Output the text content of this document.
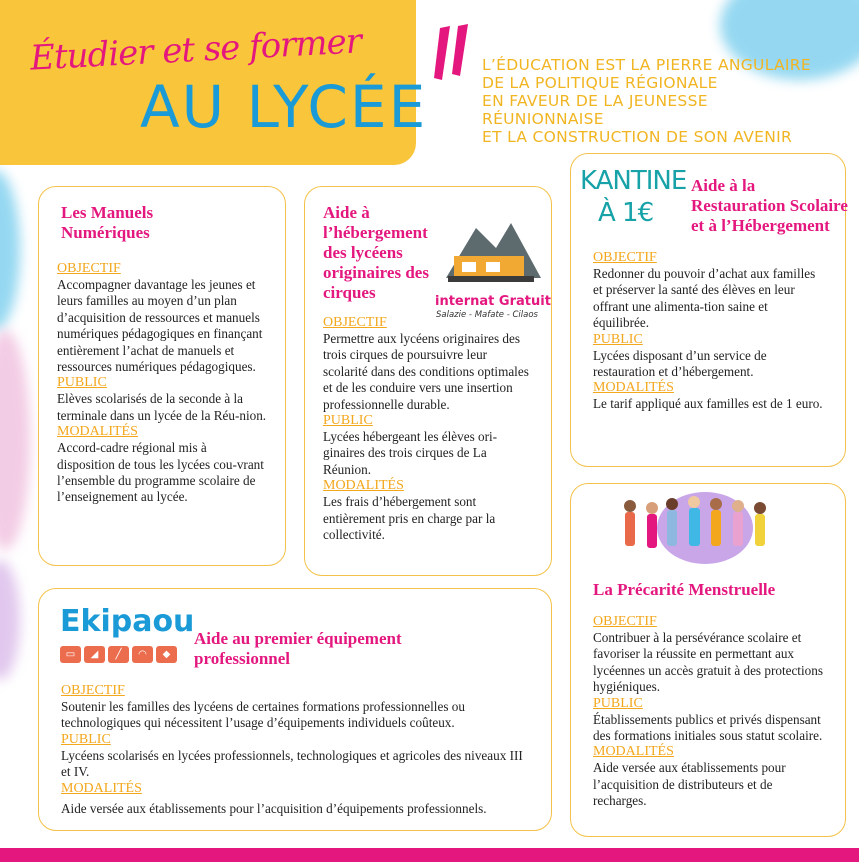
Étudier et se former
AU LYCÉE
L’ÉDUCATION EST LA PIERRE ANGULAIRE
DE LA POLITIQUE RÉGIONALE
EN FAVEUR DE LA JEUNESSE RÉUNIONNAISE
ET LA CONSTRUCTION DE SON AVENIR
Les Manuels Numériques
OBJECTIF
Accompagner davantage les jeunes et leurs familles au moyen d’un plan d’acquisition de ressources et manuels numériques pédagogiques en finançant entièrement l’achat de manuels et ressources numériques pédagogiques.
PUBLIC
Elèves scolarisés de la seconde à la terminale dans un lycée de la Réu-nion.
MODALITÉS
Accord-cadre régional mis à disposition de tous les lycées cou-vrant l’ensemble du programme scolaire de l’enseignement au lycée.
Aide à l’hébergement des lycéens originaires des cirques
OBJECTIF
Permettre aux lycéens originaires des trois cirques de poursuivre leur scolarité dans des conditions optimales et de les conduire vers une insertion professionnelle durable.
PUBLIC
Lycées hébergeant les élèves ori-ginaires des trois cirques de La Réunion.
MODALITÉS
Les frais d’hébergement sont entièrement pris en charge par la collectivité.
internat Gratuit
Salazie - Mafate - Cilaos
Aide à la Restauration Scolaire et à l’Hébergement
OBJECTIF
Redonner du pouvoir d’achat aux familles et préserver la santé des élèves en leur offrant une alimenta-tion saine et équilibrée.
PUBLIC
Lycées disposant d’un service de restauration et d’hébergement.
MODALITÉS
Le tarif appliqué aux familles est de 1 euro.
KANTINE
À 1€
La Précarité Menstruelle
OBJECTIF
Contribuer à la persévérance scolaire et favoriser la réussite en permettant aux lycéennes un accès gratuit à des protections hygiéniques.
PUBLIC
Établissements publics et privés dispensant des formations initiales sous statut scolaire.
MODALITÉS
Aide versée aux établissements pour l’acquisition de distributeurs et de recharges.
Aide au premier équipement professionnel
OBJECTIF
Soutenir les familles des lycéens de certaines formations professionnelles ou technologiques qui nécessitent l’usage d’équipements individuels coûteux.
PUBLIC
Lycéens scolarisés en lycées professionnels, technologiques et agricoles des niveaux III et IV.
MODALITÉS
Aide versée aux établissements pour l’acquisition d’équipements professionnels.
Ekipaou
▭	◢	╱	◠	◆
